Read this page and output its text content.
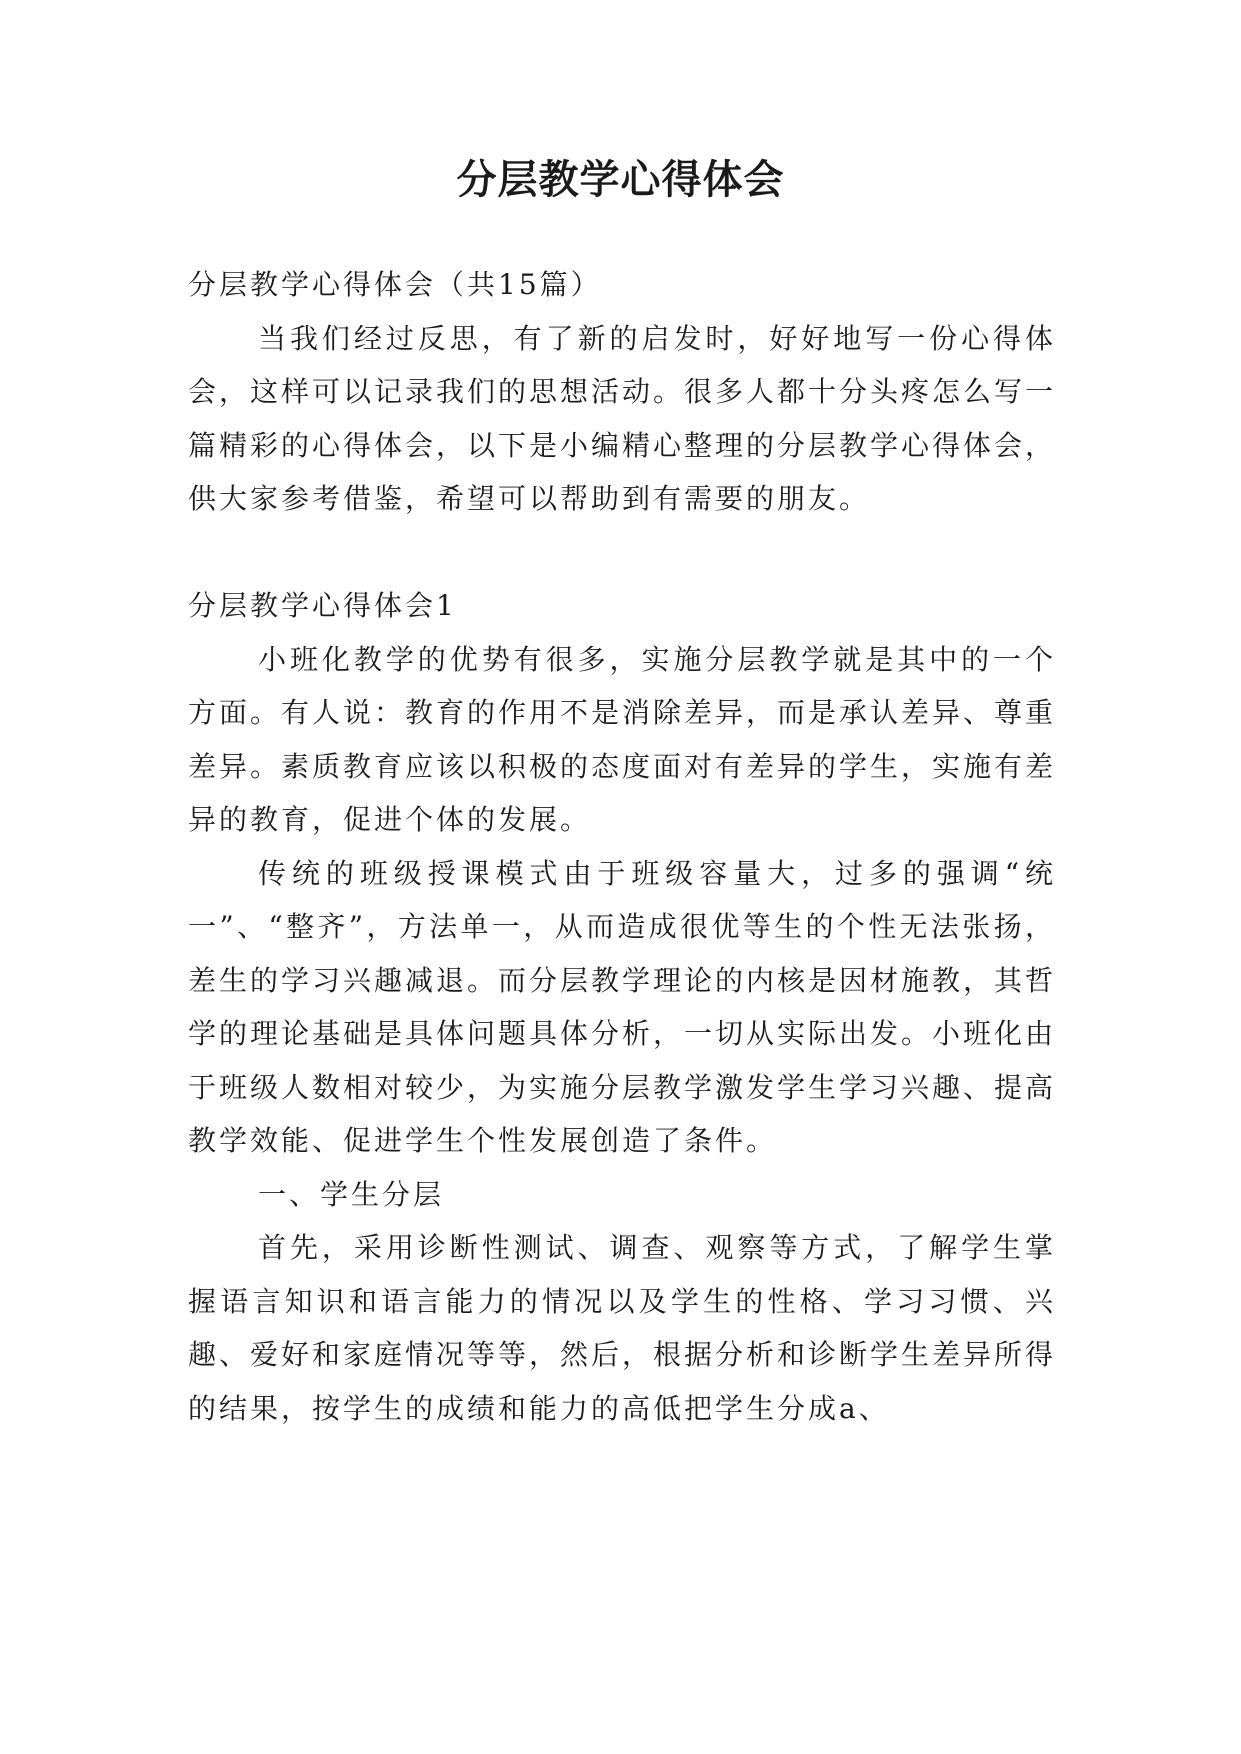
分层教学心得体会

分层教学心得体会（共15篇）

当我们经过反思，有了新的启发时，好好地写一份心得体会，这样可以记录我们的思想活动。很多人都十分头疼怎么写一篇精彩的心得体会，以下是小编精心整理的分层教学心得体会，供大家参考借鉴，希望可以帮助到有需要的朋友。

分层教学心得体会1

小班化教学的优势有很多，实施分层教学就是其中的一个方面。有人说：教育的作用不是消除差异，而是承认差异、尊重差异。素质教育应该以积极的态度面对有差异的学生，实施有差异的教育，促进个体的发展。

传统的班级授课模式由于班级容量大，过多的强调“统一”、“整齐”，方法单一，从而造成很优等生的个性无法张扬，差生的学习兴趣减退。而分层教学理论的内核是因材施教，其哲学的理论基础是具体问题具体分析，一切从实际出发。小班化由于班级人数相对较少，为实施分层教学激发学生学习兴趣、提高教学效能、促进学生个性发展创造了条件。

一、学生分层

首先，采用诊断性测试、调查、观察等方式，了解学生掌握语言知识和语言能力的情况以及学生的性格、学习习惯、兴趣、爱好和家庭情况等等，然后，根据分析和诊断学生差异所得的结果，按学生的成绩和能力的高低把学生分成a、
